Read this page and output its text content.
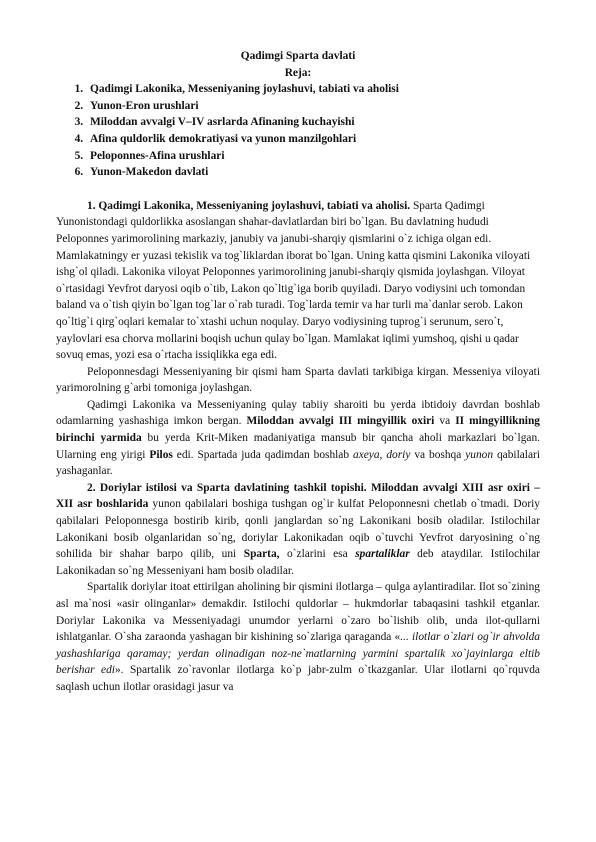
Qadimgi Sparta davlati
Reja:
1. Qadimgi Lakonika, Messeniyaning joylashuvi, tabiati va aholisi
2. Yunon-Eron urushlari
3. Miloddan avvalgi V–IV asrlarda Afinaning kuchayishi
4. Afina quldorlik demokratiyasi va yunon manzilgohlari
5. Peloponnes-Afina urushlari
6. Yunon-Makedon davlati

1. Qadimgi Lakonika, Messeniyaning joylashuvi, tabiati va aholisi. Sparta Qadimgi Yunonistondagi quldorlikka asoslangan shahar-davlatlardan biri bo`lgan. Bu davlatning hududi Peloponnes yarimorolining markaziy, janubiy va janubi-sharqiy qismlarini o`z ichiga olgan edi. Mamlakatningy er yuzasi tekislik va tog`liklardan iborat bo`lgan. Uning katta qismini Lakonika viloyati ishg`ol qiladi. Lakonika viloyat Peloponnes yarimorolining janubi-sharqiy qismida joylashgan. Viloyat o`rtasidagi Yevfrot daryosi oqib o`tib, Lakon qo`ltig`iga borib quyiladi. Daryo vodiysini uch tomondan baland va o`tish qiyin bo`lgan tog`lar o`rab turadi. Tog`larda temir va har turli ma`danlar serob. Lakon qo`ltig`i qirg`oqlari kemalar to`xtashi uchun noqulay. Daryo vodiysining tuprog`i serunum, sero`t, yaylovlari esa chorva mollarini boqish uchun qulay bo`lgan. Mamlakat iqlimi yumshoq, qishi u qadar sovuq emas, yozi esa o`rtacha issiqlikka ega edi.

Peloponnesdagi Messeniyaning bir qismi ham Sparta davlati tarkibiga kirgan. Messeniya viloyati yarimorolning g`arbi tomoniga joylashgan.

Qadimgi Lakonika va Messeniyaning qulay tabiiy sharoiti bu yerda ibtidoiy davrdan boshlab odamlarning yashashiga imkon bergan. Miloddan avvalgi III mingyillik oxiri va II mingyillikning birinchi yarmida bu yerda Krit-Miken madaniyatiga mansub bir qancha aholi markazlari bo`lgan. Ularning eng yirigi Pilos edi. Spartada juda qadimdan boshlab axeya, doriy va boshqa yunon qabilalari yashaganlar.

2. Doriylar istilosi va Sparta davlatining tashkil topishi. Miloddan avvalgi XIII asr oxiri – XII asr boshlarida yunon qabilalari boshiga tushgan og`ir kulfat Peloponnesni chetlab o`tmadi. Doriy qabilalari Peloponnesga bostirib kirib, qonli janglardan so`ng Lakonikani bosib oladilar. Istilochilar Lakonikani bosib olganlaridan so`ng, doriylar Lakonikadan oqib o`tuvchi Yevfrot daryosining o`ng sohilida bir shahar barpo qilib, uni Sparta, o`zlarini esa spartaliklar deb ataydilar. Istilochilar Lakonikadan so`ng Messeniyani ham bosib oladilar.

Spartalik doriylar itoat ettirilgan aholining bir qismini ilotlarga – qulga aylantiradilar. Ilot so`zining asl ma`nosi «asir olinganlar» demakdir. Istilochi quldorlar – hukmdorlar tabaqasini tashkil etganlar. Doriylar Lakonika va Messeniyadagi unumdor yerlarni o`zaro bo`lishib olib, unda ilot-qullarni ishlatganlar. O`sha zaraonda yashagan bir kishining so`zlariga qaraganda «... ilotlar o`zlari og`ir ahvolda yashashlariga qaramay; yerdan olinadigan noz-ne`matlarning yarmini spartalik xo`jayinlarga eltib berishar edi». Spartalik zo`ravonlar ilotlarga ko`p jabr-zulm o`tkazganlar. Ular ilotlarni qo`rquvda saqlash uchun ilotlar orasidagi jasur va
